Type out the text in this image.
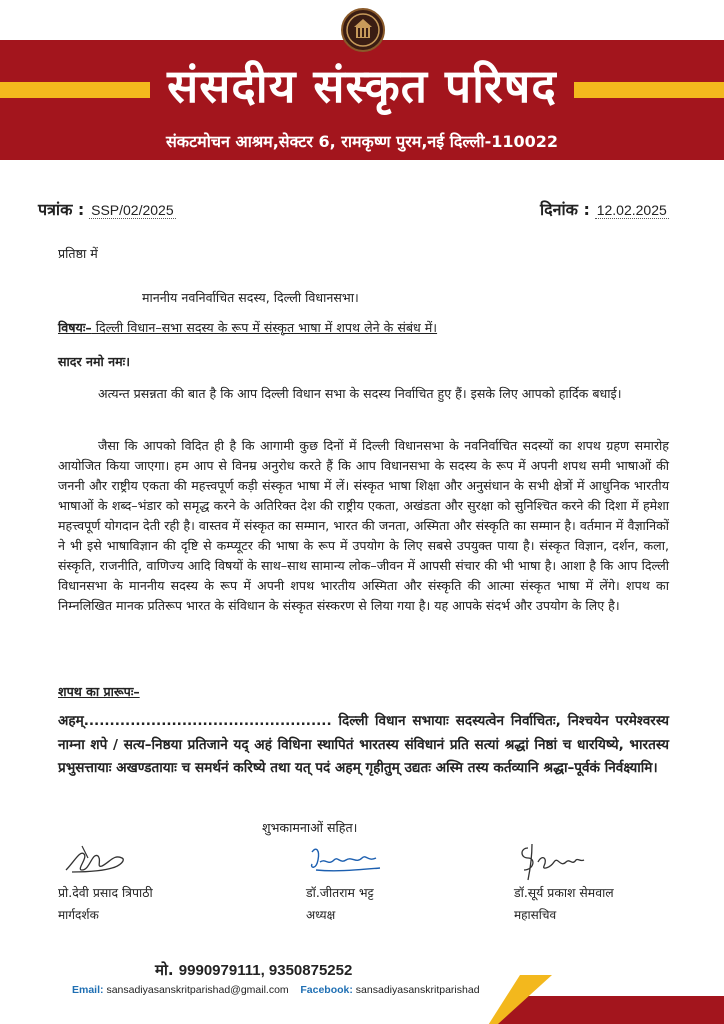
संसदीय संस्कृत परिषद
संकटमोचन आश्रम,सेक्टर 6, रामकृष्ण पुरम,नई दिल्ली-110022
पत्रांक : SSP/02/2025	दिनांक : 12.02.2025
प्रतिष्ठा में
माननीय नवनिर्वाचित सदस्य, दिल्ली विधानसभा।
विषयः– दिल्ली विधान–सभा सदस्य के रूप में संस्कृत भाषा में शपथ लेने के संबंध में।
सादर नमो नमः।
अत्यन्त प्रसन्नता की बात है कि आप दिल्ली विधान सभा के सदस्य निर्वाचित हुए हैं। इसके लिए आपको हार्दिक बधाई।
जैसा कि आपको विदित ही है कि आगामी कुछ दिनों में दिल्ली विधानसभा के नवनिर्वाचित सदस्यों का शपथ ग्रहण समारोह आयोजित किया जाएगा। हम आप से विनम्र अनुरोध करते हैं कि आप विधानसभा के सदस्य के रूप में अपनी शपथ समी भाषाओं की जननी और राष्ट्रीय एकता की महत्त्वपूर्ण कड़ी संस्कृत भाषा में लें। संस्कृत भाषा शिक्षा और अनुसंधान के सभी क्षेत्रों में आधुनिक भारतीय भाषाओं के शब्द–भंडार को समृद्ध करने के अतिरिक्त देश की राष्ट्रीय एकता, अखंडता और सुरक्षा को सुनिश्चित करने की दिशा में हमेशा महत्त्वपूर्ण योगदान देती रही है। वास्तव में संस्कृत का सम्मान, भारत की जनता, अस्मिता और संस्कृति का सम्मान है। वर्तमान में वैज्ञानिकों ने भी इसे भाषाविज्ञान की दृष्टि से कम्प्यूटर की भाषा के रूप में उपयोग के लिए सबसे उपयुक्त पाया है। संस्कृत विज्ञान, दर्शन, कला, संस्कृति, राजनीति, वाणिज्य आदि विषयों के साथ–साथ सामान्य लोक–जीवन में आपसी संचार की भी भाषा है। आशा है कि आप दिल्ली विधानसभा के माननीय सदस्य के रूप में अपनी शपथ भारतीय अस्मिता और संस्कृति की आत्मा संस्कृत भाषा में लेंगे। शपथ का निम्नलिखित मानक प्रतिरूप भारत के संविधान के संस्कृत संस्करण से लिया गया है। यह आपके संदर्भ और उपयोग के लिए है।
शपथ का प्रारूपः–
अहम्................................................ दिल्ली विधान सभायाः सदस्यत्वेन निर्वाचितः, निश्चयेन परमेश्वरस्य नाम्ना शपे / सत्य–निष्ठया प्रतिजाने यद् अहं विधिना स्थापितं भारतस्य संविधानं प्रति सत्यां श्रद्धां निष्ठां च धारयिष्ये, भारतस्य प्रभुसत्तायाः अखण्डतायाः च समर्थनं करिष्ये तथा यत् पदं अहम् गृहीतुम् उद्यतः अस्मि तस्य कर्तव्यानि श्रद्धा–पूर्वकं निर्वक्ष्यामि।
शुभकामनाओं सहित।
प्रो.देवी प्रसाद त्रिपाठी
मार्गदर्शक
डॉ.जीतराम भट्ट
अध्यक्ष
डॉ.सूर्य प्रकाश सेमवाल
महासचिव
मो. 9990979111, 9350875252
Email: sansadiyasanskritparishad@gmail.com Facebook: sansadiyasanskritparishad
